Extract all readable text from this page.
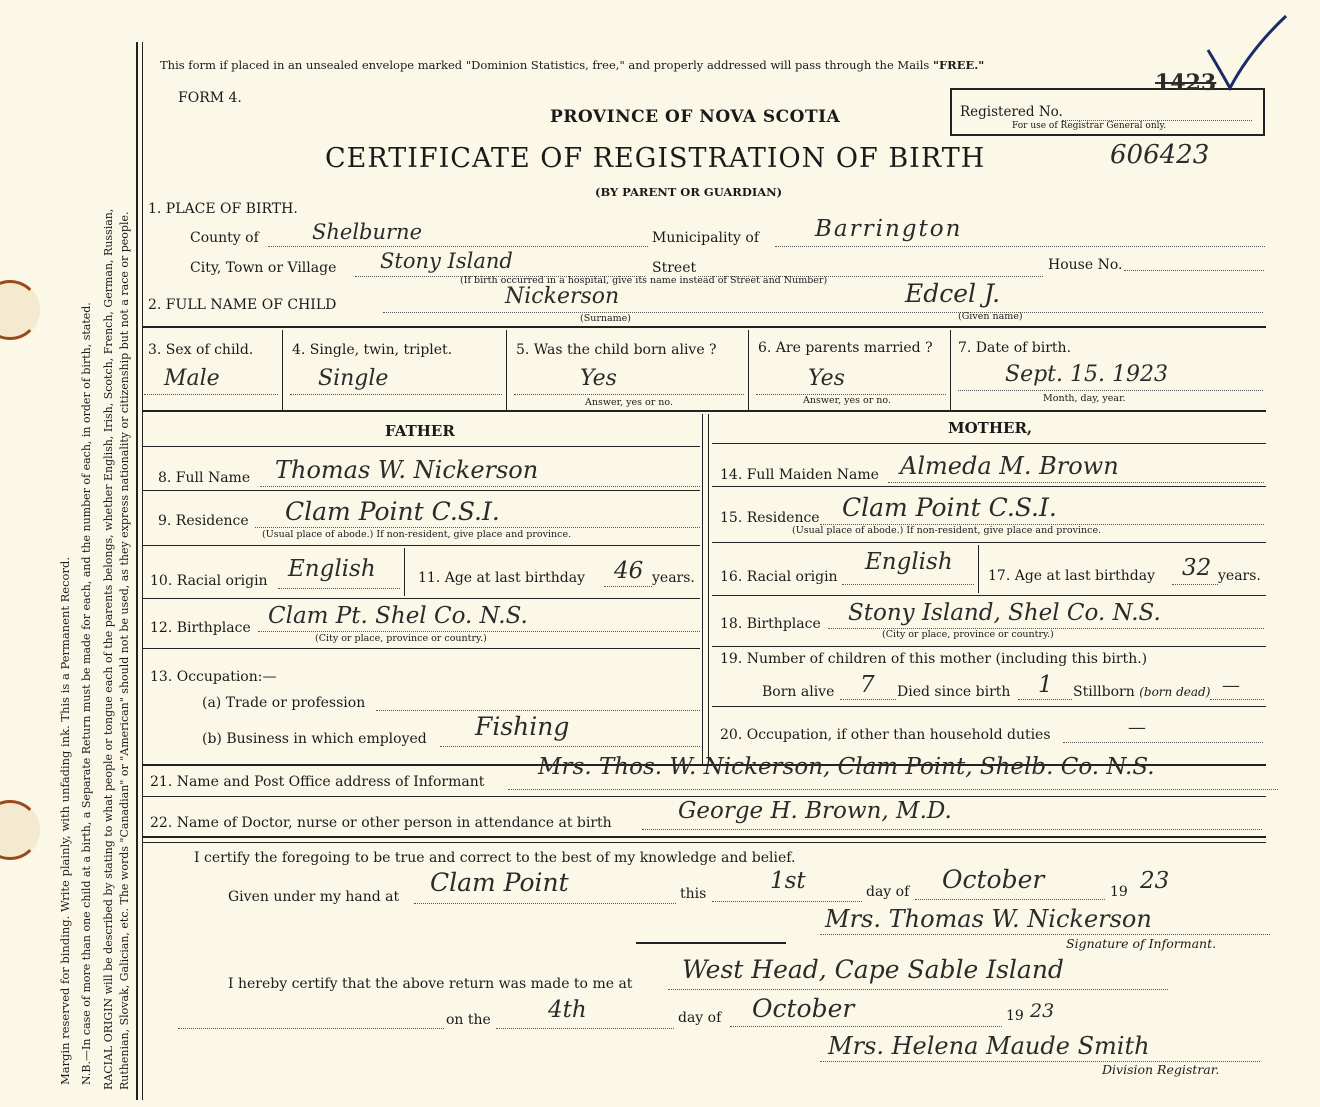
Margin reserved for binding. Write plainly, with unfading ink. This is a Permanent Record. N.B.—In case of more than one child at a birth, a Separate Return must be made for each, and the number of each, in order of birth, stated. RACIAL ORIGIN will be described by stating to what people or tongue each of the parents belongs, whether English, Irish, Scotch, French, German, Russian, Ruthenian, Slovak, Galician, etc. The words "Canadian" or "American" should not be used, as they express nationality or citizenship but not a race or people.
This form if placed in an unsealed envelope marked "Dominion Statistics, free," and properly addressed will pass through the Mails "FREE."
FORM 4.
PROVINCE OF NOVA SCOTIA	Registered No.
For use of Registrar General only.
1423
CERTIFICATE OF REGISTRATION OF BIRTH	606423
(BY PARENT OR GUARDIAN)
1. PLACE OF BIRTH.
County of	Shelburne	Municipality of Barrington
City, Town or Village Stony Island	Street	House No.
(If birth occurred in a hospital, give its name instead of Street and Number)
2. FULL NAME OF CHILD	Nickerson
(Surname)
Edcel J.
(Given name)
3. Sex of child.
Male
4. Single, twin, triplet.
Single
5. Was the child born alive ?
Yes
Answer, yes or no.
6. Are parents married ?
Yes
Answer, yes or no.
7. Date of birth.
Sept. 15. 1923
Month, day, year.
FATHER	MOTHER,
8. Full Name Thomas W. Nickerson	14. Full Maiden Name Almeda M. Brown
9. Residence Clam Point C.S.I.
(Usual place of abode.) If non-resident, give place and province.
15. Residence Clam Point C.S.I.
(Usual place of abode.) If non-resident, give place and province.
10. Racial origin English	11. Age at last birthday 46 years. 16. Racial origin
English
17. Age at last birthday 32 years.
12. Birthplace Clam Pt. Shel Co. N.S.
(City or place, province or country.)
18. Birthplace Stony Island, Shel Co. N.S.
(City or place, province or country.)
13. Occupation:—
(a) Trade or profession
(b) Business in which employed Fishing
19. Number of children of this mother (including this birth.)
Born alive 7 Died since birth 1 Stillborn (born dead) —
20. Occupation, if other than household duties	—
21. Name and Post Office address of Informant
Mrs. Thos. W. Nickerson, Clam Point, Shelb. Co. N.S.
22. Name of Doctor, nurse or other person in attendance at birth	George H. Brown, M.D.
I certify the foregoing to be true and correct to the best of my knowledge and belief.
Given under my hand at Clam Point	this	1st	day of October	19 23
Mrs. Thomas W. Nickerson
Signature of Informant.
I hereby certify that the above return was made to me at West Head, Cape Sable Island
on the 4th	day of October	19 23
Mrs. Helena Maude Smith
Division Registrar.
